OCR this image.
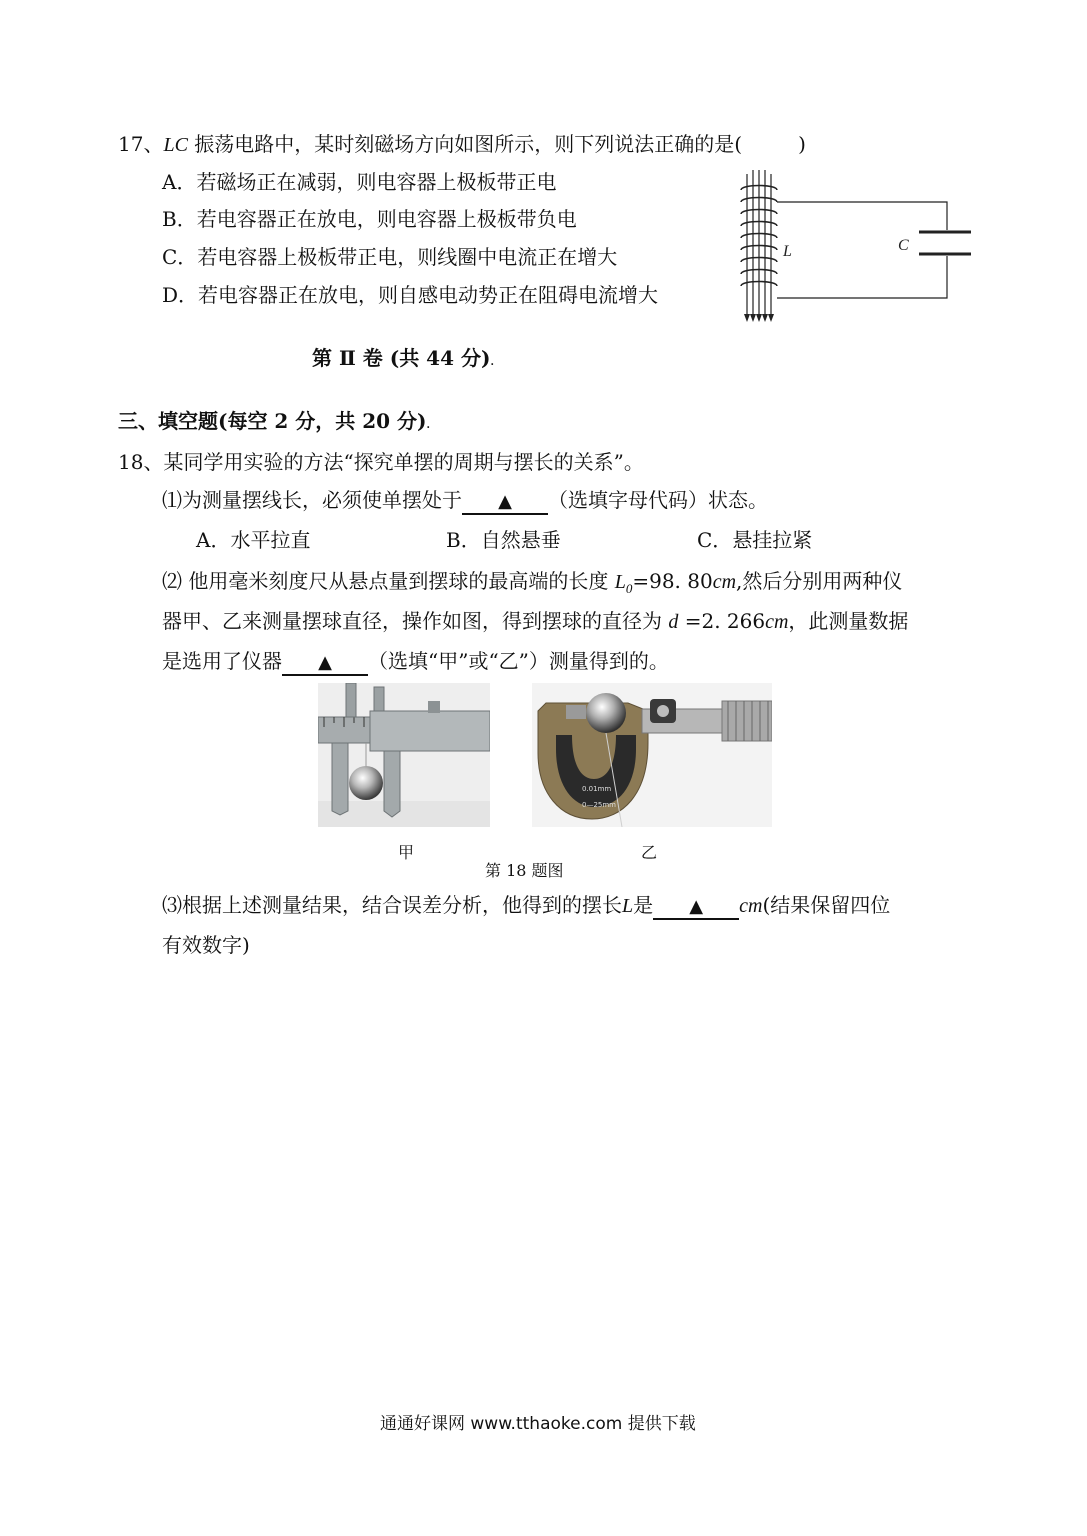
17、LC 振荡电路中，某时刻磁场方向如图所示，则下列说法正确的是(	)
A．若磁场正在减弱，则电容器上极板带正电
B．若电容器正在放电，则电容器上极板带负电
C．若电容器上极板带正电，则线圈中电流正在增大
D．若电容器正在放电，则自感电动势正在阻碍电流增大
L	C
第 Ⅱ 卷 (共 44 分).
三、填空题(每空 2 分，共 20 分).
18、某同学用实验的方法“探究单摆的周期与摆长的关系”。
⑴为测量摆线长，必须使单摆处于 ▲ （选填字母代码）状态。
A．水平拉直	B．自然悬垂	C．悬挂拉紧
⑵ 他用毫米刻度尺从悬点量到摆球的最高端的长度 $L_0=98$. 80cm,然后分别用两种仪
器甲、乙来测量摆球直径，操作如图，得到摆球的直径为 d =2. 266cm，此测量数据
是选用了仪器 ▲ （选填“甲”或“乙”）测量得到的。
0.01mm
0—25mm
甲	乙
第 18 题图
⑶根据上述测量结果，结合误差分析，他得到的摆长L是 ▲ cm(结果保留四位
有效数字)
通通好课网 www.tthaoke.com 提供下载
